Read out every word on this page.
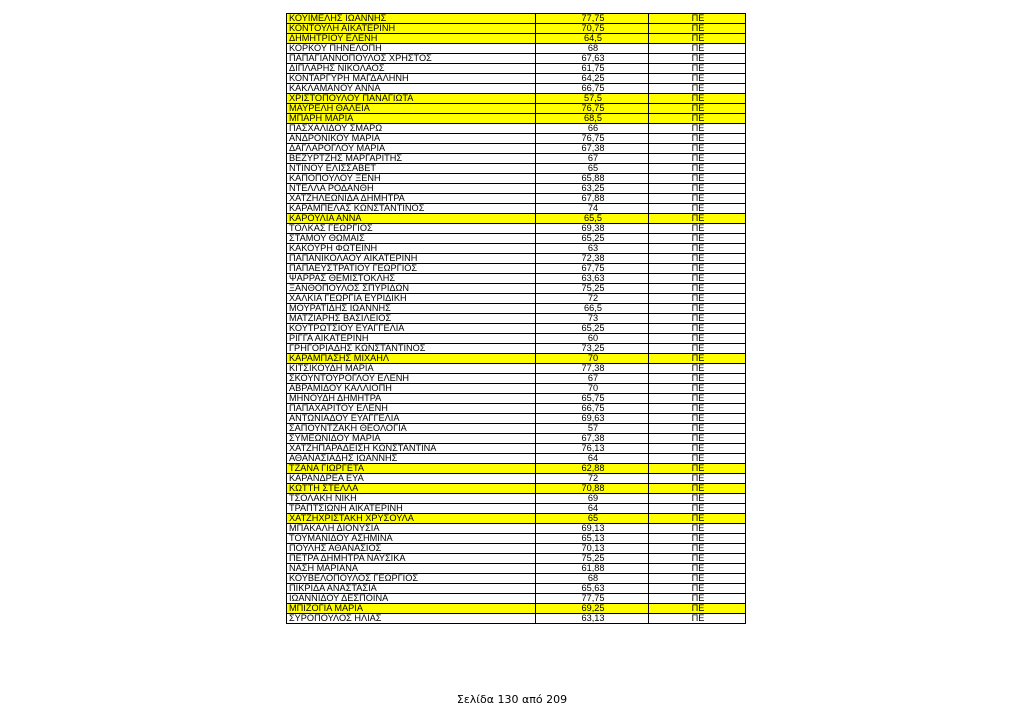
ΚΟΥΙΜΕΛΗΣ ΙΩΑΝΝΗΣ	77,75	ΠΕ
ΚΟΝΤΟΥΛΗ ΑΙΚΑΤΕΡΙΝΗ	70,75	ΠΕ
ΔΗΜΗΤΡΙΟΥ ΕΛΕΝΗ	64,5	ΠΕ
ΚΟΡΚΟΥ ΠΗΝΕΛΟΠΗ	68	ΠΕ
ΠΑΠΑΓΙΑΝΝΟΠΟΥΛΟΣ ΧΡΗΣΤΟΣ	67,63	ΠΕ
ΔΙΠΛΑΡΗΣ ΝΙΚΟΛΑΟΣ	61,75	ΠΕ
ΚΟΝΤΑΡΓΥΡΗ ΜΑΓΔΑΛΗΝΗ	64,25	ΠΕ
ΚΑΚΛΑΜΑΝΟΥ ΑΝΝΑ	66,75	ΠΕ
ΧΡΙΣΤΟΠΟΥΛΟΥ ΠΑΝΑΓΙΩΤΑ	57,5	ΠΕ
ΜΑΥΡΕΛΗ ΘΑΛΕΙΑ	76,75	ΠΕ
ΜΠΑΡΗ ΜΑΡΙΑ	68,5	ΠΕ
ΠΑΣΧΑΛΙΔΟΥ ΣΜΑΡΩ	66	ΠΕ
ΑΝΔΡΟΝΙΚΟΥ ΜΑΡΙΑ	76,75	ΠΕ
ΔΑΓΛΑΡΟΓΛΟΥ ΜΑΡΙΑ	67,38	ΠΕ
ΒΕΖΥΡΤΖΗΣ ΜΑΡΓΑΡΙΤΗΣ	67	ΠΕ
ΝΤΙΝΟΥ ΕΛΙΣΣΑΒΕΤ	65	ΠΕ
ΚΑΠΟΠΟΥΛΟΥ ΞΕΝΗ	65,88	ΠΕ
ΝΤΕΛΛΑ ΡΟΔΑΝΘΗ	63,25	ΠΕ
ΧΑΤΖΗΛΕΩΝΙΔΑ ΔΗΜΗΤΡΑ	67,88	ΠΕ
ΚΑΡΑΜΠΕΛΑΣ ΚΩΝΣΤΑΝΤΙΝΟΣ	74	ΠΕ
ΚΑΡΟΥΛΙΑ ΑΝΝΑ	65,5	ΠΕ
ΤΟΛΚΑΣ ΓΕΩΡΓΙΟΣ	69,38	ΠΕ
ΣΤΑΜΟΥ ΘΩΜΑΙΣ	65,25	ΠΕ
ΚΑΚΟΥΡΗ ΦΩΤΕΙΝΗ	63	ΠΕ
ΠΑΠΑΝΙΚΟΛΑΟΥ ΑΙΚΑΤΕΡΙΝΗ	72,38	ΠΕ
ΠΑΠΑΕΥΣΤΡΑΤΙΟΥ ΓΕΩΡΓΙΟΣ	67,75	ΠΕ
ΨΑΡΡΑΣ ΘΕΜΙΣΤΟΚΛΗΣ	63,63	ΠΕ
ΞΑΝΘΟΠΟΥΛΟΣ ΣΠΥΡΙΔΩΝ	75,25	ΠΕ
ΧΑΛΚΙΑ ΓΕΩΡΓΙΑ ΕΥΡΙΔΙΚΗ	72	ΠΕ
ΜΟΥΡΑΤΙΔΗΣ ΙΩΑΝΝΗΣ	66,5	ΠΕ
ΜΑΤΖΙΑΡΗΣ ΒΑΣΙΛΕΙΟΣ	73	ΠΕ
ΚΟΥΤΡΩΤΣΙΟΥ ΕΥΑΓΓΕΛΙΑ	65,25	ΠΕ
ΡΙΓΓΑ ΑΙΚΑΤΕΡΙΝΗ	60	ΠΕ
ΓΡΗΓΟΡΙΑΔΗΣ ΚΩΝΣΤΑΝΤΙΝΟΣ	73,25	ΠΕ
ΚΑΡΑΜΠΑΣΗΣ ΜΙΧΑΗΛ	70	ΠΕ
ΚΙΤΣΙΚΟΥΔΗ ΜΑΡΙΑ	77,38	ΠΕ
ΣΚΟΥΝΤΟΥΡΟΓΛΟΥ ΕΛΕΝΗ	67	ΠΕ
ΑΒΡΑΜΙΔΟΥ ΚΑΛΛΙΟΠΗ	70	ΠΕ
ΜΗΝΟΥΔΗ ΔΗΜΗΤΡΑ	65,75	ΠΕ
ΠΑΠΑΧΑΡΙΤΟΥ ΕΛΕΝΗ	66,75	ΠΕ
ΑΝΤΩΝΙΑΔΟΥ ΕΥΑΓΓΕΛΙΑ	69,63	ΠΕ
ΣΑΠΟΥΝΤΖΑΚΗ ΘΕΟΛΟΓΙΑ	57	ΠΕ
ΣΥΜΕΩΝΙΔΟΥ ΜΑΡΙΑ	67,38	ΠΕ
ΧΑΤΖΗΠΑΡΑΔΕΙΣΗ ΚΩΝΣΤΑΝΤΙΝΑ	76,13	ΠΕ
ΑΘΑΝΑΣΙΑΔΗΣ ΙΩΑΝΝΗΣ	64	ΠΕ
ΤΖΑΝΑ ΓΙΩΡΓΕΤΑ	62,88	ΠΕ
ΚΑΡΑΝΔΡΕΑ ΕΥΑ	72	ΠΕ
ΚΩΤΤΗ ΣΤΕΛΛΑ	70,88	ΠΕ
ΤΣΟΛΑΚΗ ΝΙΚΗ	69	ΠΕ
ΤΡΑΠΤΣΙΩΝΗ ΑΙΚΑΤΕΡΙΝΗ	64	ΠΕ
ΧΑΤΖΗΧΡΙΣΤΑΚΗ ΧΡΥΣΟΥΛΑ	65	ΠΕ
ΜΠΑΚΑΛΗ ΔΙΟΝΥΣΙΑ	69,13	ΠΕ
ΤΟΥΜΑΝΙΔΟΥ ΑΣΗΜΙΝΑ	65,13	ΠΕ
ΠΟΥΛΗΣ ΑΘΑΝΑΣΙΟΣ	70,13	ΠΕ
ΠΕΤΡΑ ΔΗΜΗΤΡΑ ΝΑΥΣΙΚΑ	75,25	ΠΕ
ΝΑΣΗ ΜΑΡΙΑΝΑ	61,88	ΠΕ
ΚΟΥΒΕΛΟΠΟΥΛΟΣ ΓΕΩΡΓΙΟΣ	68	ΠΕ
ΠΙΚΡΙΔΑ ΑΝΑΣΤΑΣΙΑ	65,63	ΠΕ
ΙΩΑΝΝΙΔΟΥ ΔΕΣΠΟΙΝΑ	77,75	ΠΕ
ΜΠΙΖΟΓΙΑ ΜΑΡΙΑ	69,25	ΠΕ
ΣΥΡΟΠΟΥΛΟΣ ΗΛΙΑΣ	63,13	ΠΕ
Σελίδα 130 από 209
